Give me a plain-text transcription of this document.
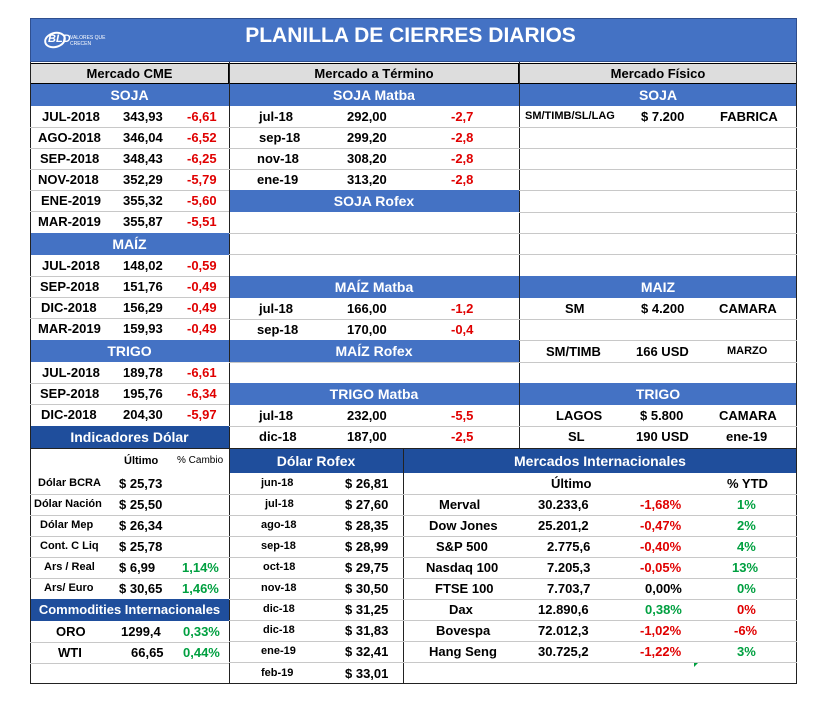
BLD VALORES QUE CRECEN	PLANILLA DE CIERRES DIARIOS
Mercado CME	Mercado a Término	Mercado Físico
SOJA
MAÍZ
TRIGO
Indicadores Dólar
Commodities Internacionales
SOJA Matba
SOJA Rofex
MAÍZ Matba
MAÍZ Rofex
TRIGO Matba
SOJA
MAIZ
TRIGO
Dólar Rofex	Mercados Internacionales
JUL-2018 343,93 -6,61
AGO-2018 346,04 -6,52
SEP-2018 348,43 -6,25
NOV-2018 352,29 -5,79
ENE-2019 355,32 -5,60
MAR-2019 355,87 -5,51
JUL-2018 148,02 -0,59
SEP-2018 151,76 -0,49
DIC-2018 156,29 -0,49
MAR-2019 159,93 -0,49
JUL-2018 189,78 -6,61
SEP-2018 195,76 -6,34
DIC-2018 204,30 -5,97
jul-18	292,00	-2,7
sep-18	299,20	-2,8
nov-18	308,20	-2,8
ene-19	313,20	-2,8
jul-18	166,00	-1,2
sep-18	170,00	-0,4
jul-18	232,00	-5,5
dic-18	187,00	-2,5
SM/TIMB/SL/LAG $ 7.200	FABRICA
SM	$ 4.200	CAMARA
SM/TIMB	166 USD	MARZO
LAGOS	$ 5.800	CAMARA
SL	190 USD	ene-19
Último % Cambio
Dólar BCRA $ 25,73
Dólar Nación $ 25,50
Dólar Mep $ 26,34
Cont. C Liq $ 25,78
Ars / Real $ 6,99 1,14%
Ars/ Euro $ 30,65 1,46%
ORO	1299,4 0,33%
WTI	66,65 0,44%
jun-18	$ 26,81
jul-18	$ 27,60
ago-18	$ 28,35
sep-18	$ 28,99
oct-18	$ 29,75
nov-18	$ 30,50
dic-18	$ 31,25
dic-18	$ 31,83
ene-19	$ 32,41
feb-19	$ 33,01
Último	% YTD
Merval	30.233,6	-1,68%	1%
Dow Jones	25.201,2	-0,47%	2%
S&P 500	2.775,6	-0,40%	4%
Nasdaq 100	7.205,3	-0,05%	13%
FTSE 100	7.703,7	0,00%	0%
Dax	12.890,6	0,38%	0%
Bovespa	72.012,3	-1,02%	-6%
Hang Seng	30.725,2	-1,22%	3%
